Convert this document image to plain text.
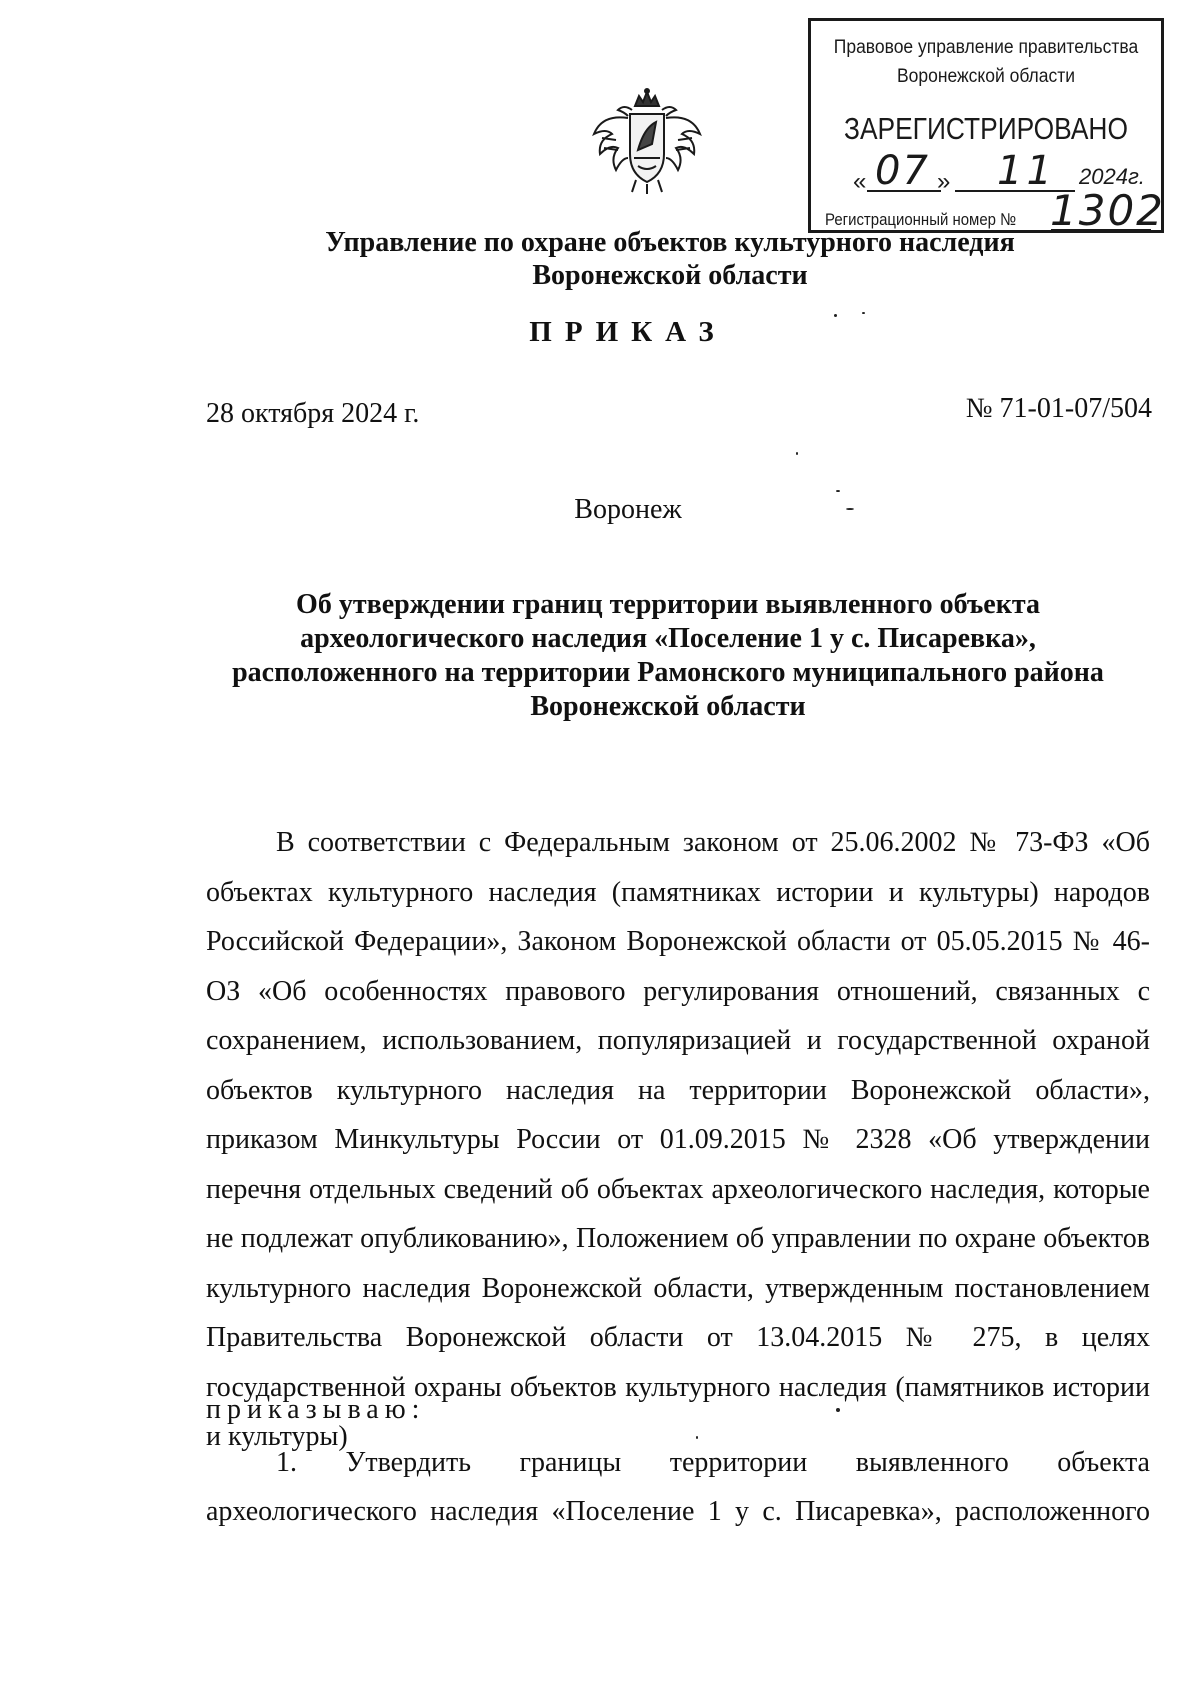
Правовое управление правительства
Воронежской области
ЗАРЕГИСТРИРОВАНО
« 07 » 11 2024г.
Регистрационный номер № 1302
Управление по охране объектов культурного наследия
Воронежской области
ПРИКАЗ
28 октября 2024 г.	№ 71-01-07/504
Воронеж
Об утверждении границ территории выявленного объекта
археологического наследия «Поселение 1 у с. Писаревка»,
расположенного на территории Рамонского муниципального района
Воронежской области
В соответствии с Федеральным законом от 25.06.2002 № 73-ФЗ «Об объектах культурного наследия (памятниках истории и культуры) народов Российской Федерации», Законом Воронежской области от 05.05.2015 № 46-ОЗ «Об особенностях правового регулирования отношений, связанных с сохранением, использованием, популяризацией и государственной охраной объектов культурного наследия на территории Воронежской области», приказом Минкультуры России от 01.09.2015 № 2328 «Об утверждении перечня отдельных сведений об объектах археологического наследия, которые не подлежат опубликованию», Положением об управлении по охране объектов культурного наследия Воронежской области, утвержденным постановлением Правительства Воронежской области от 13.04.2015 № 275, в целях государственной охраны объектов культурного наследия (памятников истории и культуры)
приказываю:
1. Утвердить границы территории выявленного объекта
археологического наследия «Поселение 1 у с. Писаревка», расположенного
